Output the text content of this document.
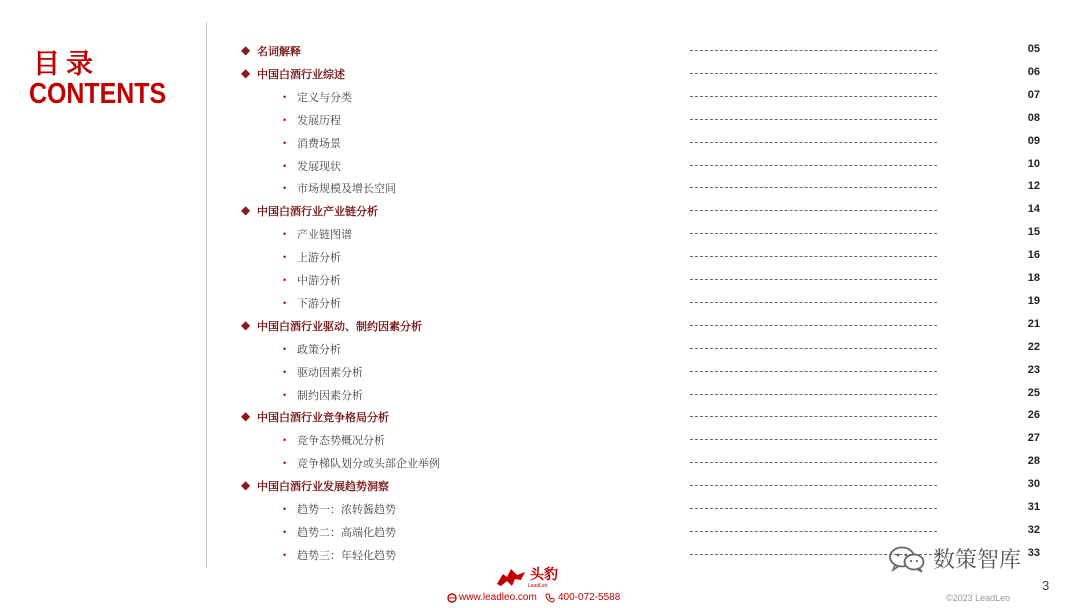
目录
CONTENTS
◆ 名词解释	05
◆ 中国白酒行业综述	06
• 定义与分类	07
• 发展历程	08
• 消费场景	09
• 发展现状	10
• 市场规模及增长空间	12
◆ 中国白酒行业产业链分析	14
• 产业链图谱	15
• 上游分析	16
• 中游分析	18
• 下游分析	19
◆ 中国白酒行业驱动、制约因素分析	21
• 政策分析	22
• 驱动因素分析	23
• 制约因素分析	25
◆ 中国白酒行业竞争格局分析	26
• 竞争态势概况分析	27
• 竞争梯队划分或头部企业举例	28
◆ 中国白酒行业发展趋势洞察	30
• 趋势一：浓转酱趋势	31
• 趋势二：高端化趋势	32
• 趋势三：年轻化趋势	33
头豹
LeadLeo
www.leadleo.com 400-072-5588
数策智库
3
©2023 LeadLeo
